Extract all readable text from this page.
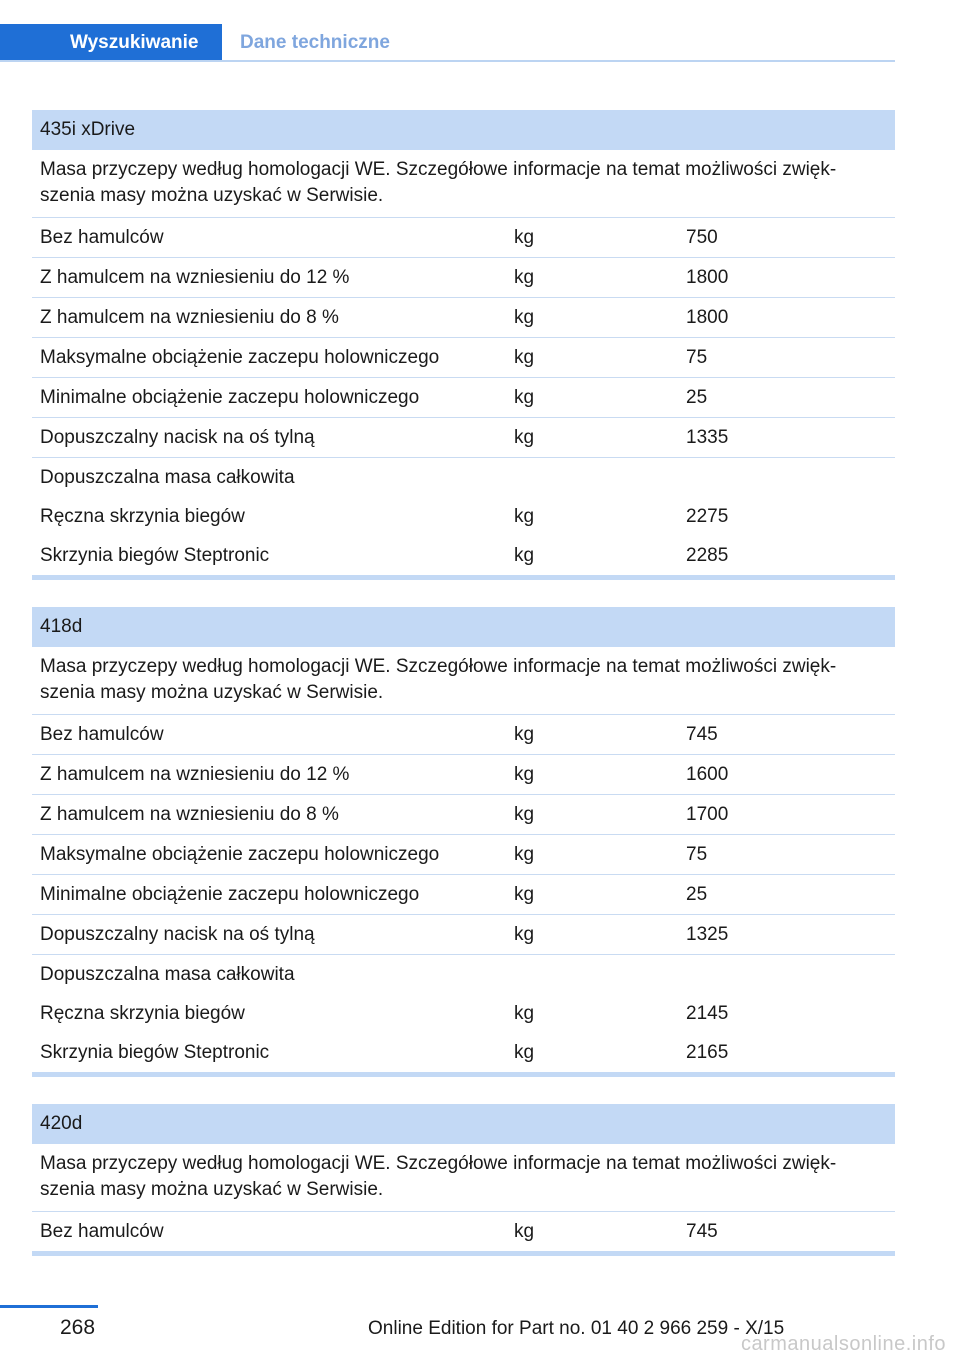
Wyszukiwanie	Dane techniczne
435i xDrive
Masa przyczepy według homologacji WE. Szczegółowe informacje na temat możliwości zwięk-szenia masy można uzyskać w Serwisie.
Bez hamulców	kg	750
Z hamulcem na wzniesieniu do 12 %	kg	1800
Z hamulcem na wzniesieniu do 8 %	kg	1800
Maksymalne obciążenie zaczepu holowniczego	kg	75
Minimalne obciążenie zaczepu holowniczego	kg	25
Dopuszczalny nacisk na oś tylną	kg	1335
Dopuszczalna masa całkowita
Ręczna skrzynia biegów	kg	2275
Skrzynia biegów Steptronic	kg	2285
418d
Masa przyczepy według homologacji WE. Szczegółowe informacje na temat możliwości zwięk-szenia masy można uzyskać w Serwisie.
Bez hamulców	kg	745
Z hamulcem na wzniesieniu do 12 %	kg	1600
Z hamulcem na wzniesieniu do 8 %	kg	1700
Maksymalne obciążenie zaczepu holowniczego	kg	75
Minimalne obciążenie zaczepu holowniczego	kg	25
Dopuszczalny nacisk na oś tylną	kg	1325
Dopuszczalna masa całkowita
Ręczna skrzynia biegów	kg	2145
Skrzynia biegów Steptronic	kg	2165
420d
Masa przyczepy według homologacji WE. Szczegółowe informacje na temat możliwości zwięk-szenia masy można uzyskać w Serwisie.
Bez hamulców	kg	745
268	Online Edition for Part no. 01 40 2 966 259 - X/15
carmanualsonline.info
